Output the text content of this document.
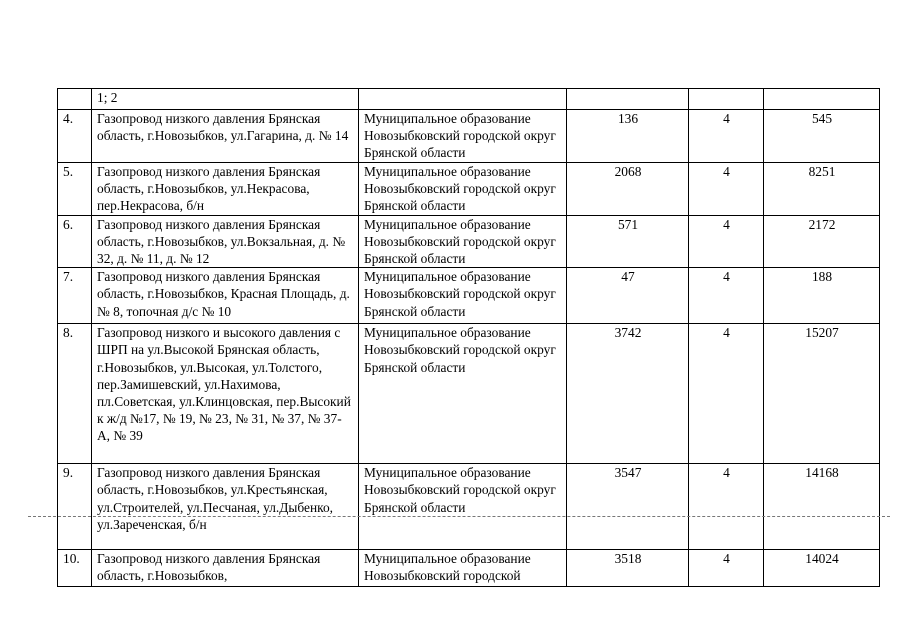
	1; 2				
4.	Газопровод низкого давления Брянская область, г.Новозыбков, ул.Гагарина, д. № 14	Муниципальное образование Новозыбковский городской округ Брянской области	136	4	545
5.	Газопровод низкого давления Брянская область, г.Новозыбков, ул.Некрасова, пер.Некрасова, б/н	Муниципальное образование Новозыбковский городской округ Брянской области	2068	4	8251
6.	Газопровод низкого давления Брянская область, г.Новозыбков, ул.Вокзальная, д. № 32, д. № 11, д. № 12	Муниципальное образование Новозыбковский городской округ Брянской области	571	4	2172
7.	Газопровод низкого давления Брянская область, г.Новозыбков, Красная Площадь, д. № 8, топочная д/с № 10	Муниципальное образование Новозыбковский городской округ Брянской области	47	4	188
8.	Газопровод низкого и высокого давления с ШРП на ул.Высокой Брянская область, г.Новозыбков, ул.Высокая, ул.Толстого, пер.Замишевский, ул.Нахимова, пл.Советская, ул.Клинцовская, пер.Высокий к ж/д №17, № 19, № 23, № 31, № 37, № 37-А, № 39	Муниципальное образование Новозыбковский городской округ Брянской области	3742	4	15207
9.	Газопровод низкого давления Брянская область, г.Новозыбков, ул.Крестьянская, ул.Строителей, ул.Песчаная, ул.Дыбенко, ул.Зареченская, б/н	Муниципальное образование Новозыбковский городской округ Брянской области	3547	4	14168
10.	Газопровод низкого давления Брянская область, г.Новозыбков,	Муниципальное образование Новозыбковский городской	3518	4	14024
